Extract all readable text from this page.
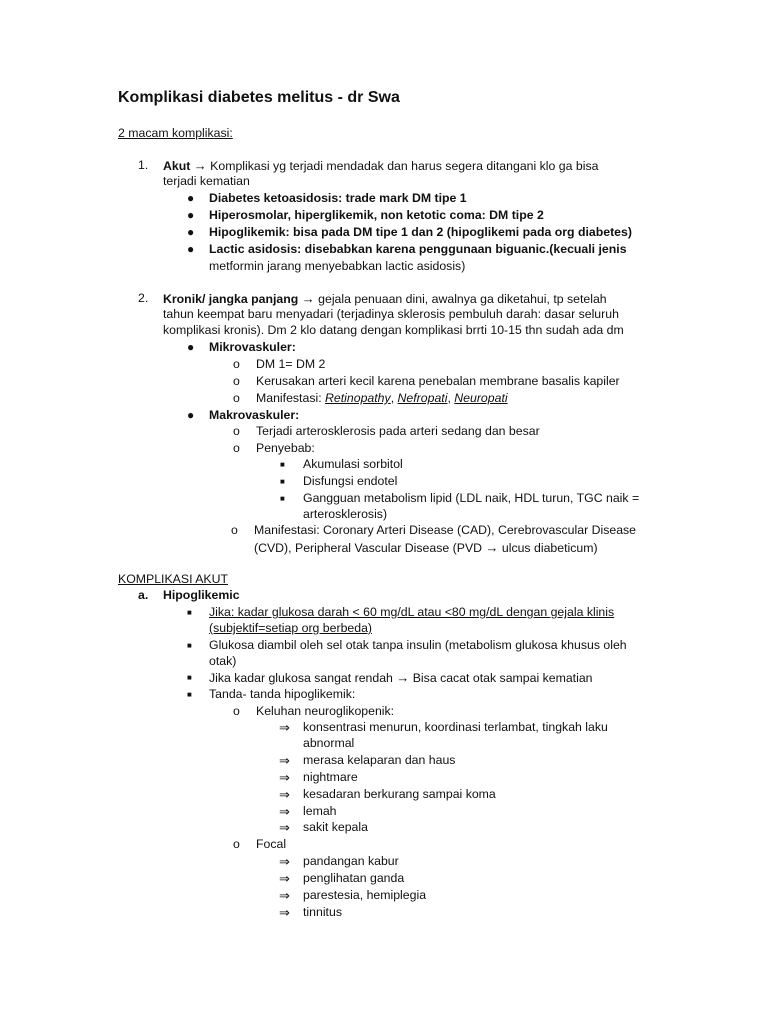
Komplikasi diabetes melitus - dr Swa
2 macam komplikasi:
1. Akut → Komplikasi yg terjadi mendadak dan harus segera ditangani klo ga bisa
terjadi kematian
● Diabetes ketoasidosis: trade mark DM tipe 1
● Hiperosmolar, hiperglikemik, non ketotic coma: DM tipe 2
● Hipoglikemik: bisa pada DM tipe 1 dan 2 (hipoglikemi pada org diabetes)
● Lactic asidosis: disebabkan karena penggunaan biguanic.(kecuali jenis
metformin jarang menyebabkan lactic asidosis)
2. Kronik/ jangka panjang → gejala penuaan dini, awalnya ga diketahui, tp setelah
tahun keempat baru menyadari (terjadinya sklerosis pembuluh darah: dasar seluruh
komplikasi kronis). Dm 2 klo datang dengan komplikasi brrti 10-15 thn sudah ada dm
● Mikrovaskuler:
o DM 1= DM 2
o Kerusakan arteri kecil karena penebalan membrane basalis kapiler
o Manifestasi: Retinopathy, Nefropati, Neuropati
● Makrovaskuler:
o Terjadi arterosklerosis pada arteri sedang dan besar
o Penyebab:
■ Akumulasi sorbitol
■ Disfungsi endotel
■ Gangguan metabolism lipid (LDL naik, HDL turun, TGC naik =
arterosklerosis)
o Manifestasi: Coronary Arteri Disease (CAD), Cerebrovascular Disease
(CVD), Peripheral Vascular Disease (PVD → ulcus diabeticum)
KOMPLIKASI AKUT
a. Hipoglikemic
■ Jika: kadar glukosa darah < 60 mg/dL atau <80 mg/dL dengan gejala klinis
(subjektif=setiap org berbeda)
■ Glukosa diambil oleh sel otak tanpa insulin (metabolism glukosa khusus oleh
otak)
■ Jika kadar glukosa sangat rendah → Bisa cacat otak sampai kematian
■ Tanda- tanda hipoglikemik:
o Keluhan neuroglikopenik:
⇒ konsentrasi menurun, koordinasi terlambat, tingkah laku
abnormal
⇒ merasa kelaparan dan haus
⇒ nightmare
⇒ kesadaran berkurang sampai koma
⇒ lemah
⇒ sakit kepala
o Focal
⇒ pandangan kabur
⇒ penglihatan ganda
⇒ parestesia, hemiplegia
⇒ tinnitus
